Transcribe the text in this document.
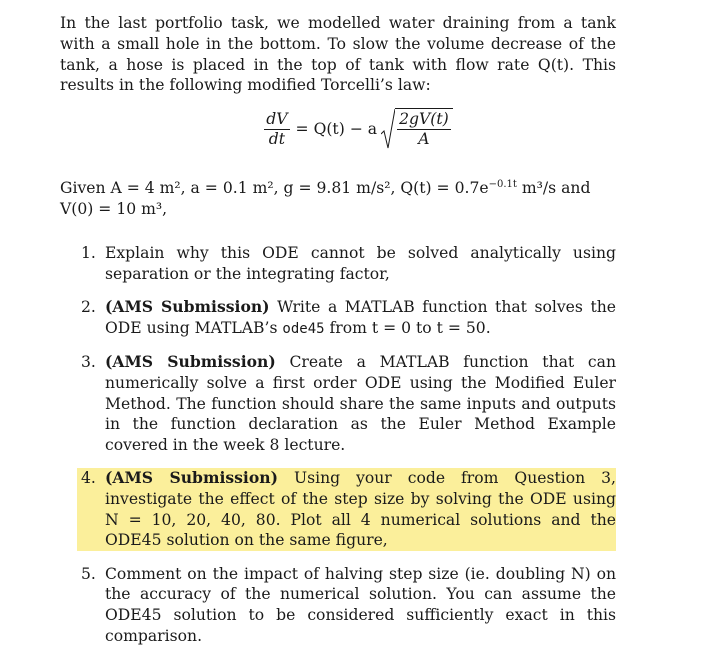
In the last portfolio task, we modelled water draining from a tank with a small hole in the bottom. To slow the volume decrease of the tank, a hose is placed in the top of tank with flow rate Q(t). This results in the following modified Torcelli’s law:
$\frac{dV}{dt} = Q(t) - a \frac{2gV(t)}{A}$
Given A = 4 m², a = 0.1 m², g = 9.81 m/s², $Q(t) = 0.7e^{-0.1t}$ m³/s and
V(0) = 10 m³,
1. Explain why this ODE cannot be solved analytically using separation or the integrating factor,
2. (AMS Submission) Write a MATLAB function that solves the ODE using MATLAB’s ode45 from t = 0 to t = 50.
3. (AMS Submission) Create a MATLAB function that can numerically solve a first order ODE using the Modified Euler Method. The function should share the same inputs and outputs in the function declaration as the Euler Method Example covered in the week 8 lecture.
4. (AMS Submission) Using your code from Question 3, investigate the effect of the step size by solving the ODE using N = 10, 20, 40, 80. Plot all 4 numerical solutions and the ODE45 solution on the same figure,
5. Comment on the impact of halving step size (ie. doubling N) on the accuracy of the numerical solution. You can assume the ODE45 solution to be considered sufficiently exact in this comparison.
